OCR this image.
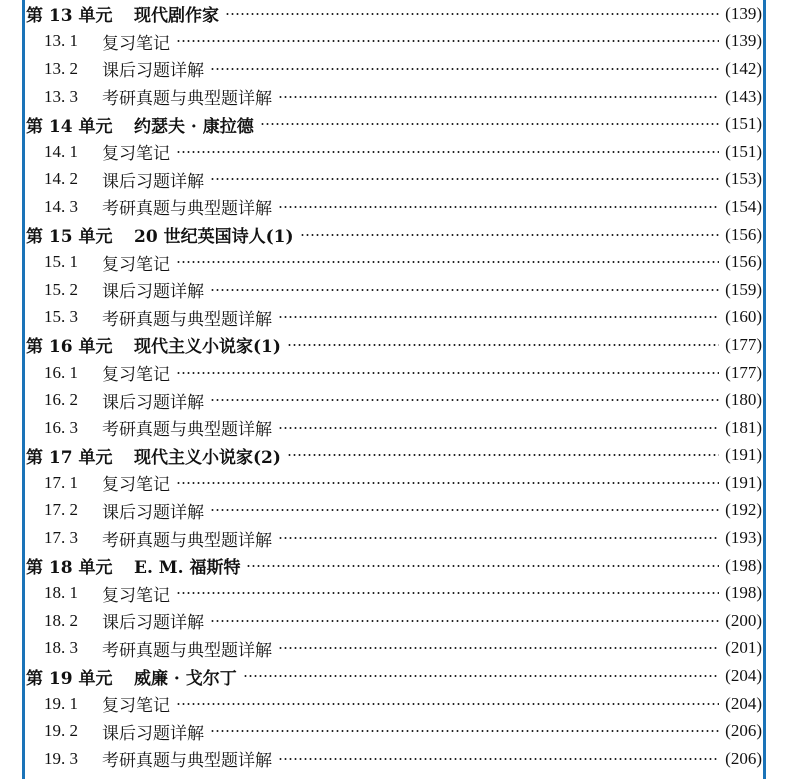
第 13 单元	现代剧作家	(139)
13. 1	复习笔记	(139)
13. 2	课后习题详解	(142)
13. 3	考研真题与典型题详解	(143)
第 14 单元	约瑟夫 · 康拉德	(151)
14. 1	复习笔记	(151)
14. 2	课后习题详解	(153)
14. 3	考研真题与典型题详解	(154)
第 15 单元	20 世纪英国诗人(1)	(156)
15. 1	复习笔记	(156)
15. 2	课后习题详解	(159)
15. 3	考研真题与典型题详解	(160)
第 16 单元	现代主义小说家(1)	(177)
16. 1	复习笔记	(177)
16. 2	课后习题详解	(180)
16. 3	考研真题与典型题详解	(181)
第 17 单元	现代主义小说家(2)	(191)
17. 1	复习笔记	(191)
17. 2	课后习题详解	(192)
17. 3	考研真题与典型题详解	(193)
第 18 单元	E. M. 福斯特	(198)
18. 1	复习笔记	(198)
18. 2	课后习题详解	(200)
18. 3	考研真题与典型题详解	(201)
第 19 单元	威廉 · 戈尔丁	(204)
19. 1	复习笔记	(204)
19. 2	课后习题详解	(206)
19. 3	考研真题与典型题详解	(206)
